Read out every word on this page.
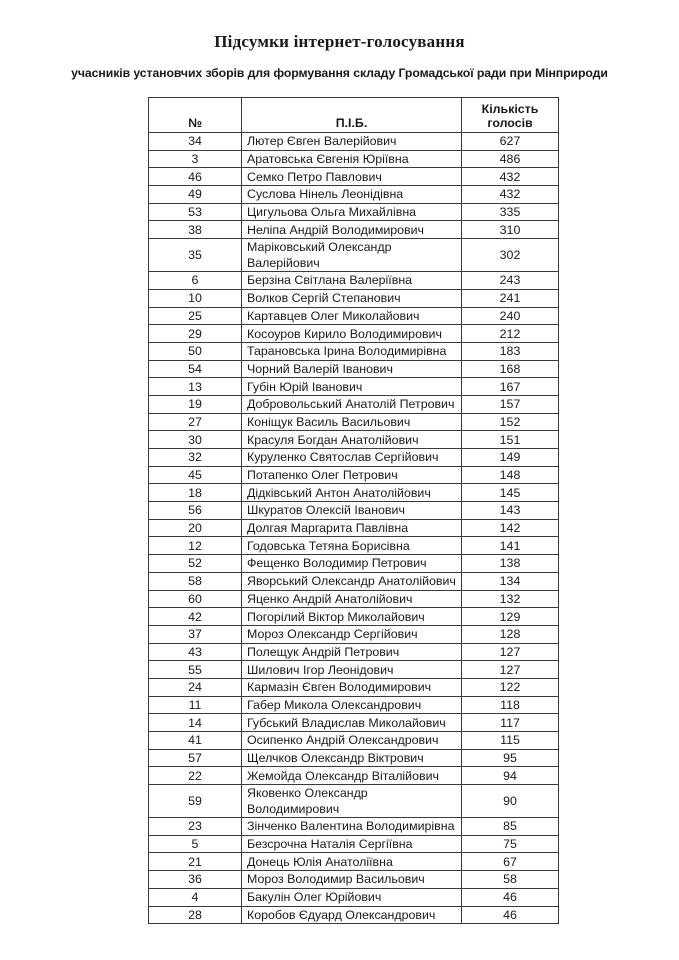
Підсумки інтернет-голосування
учасників установчих зборів для формування складу Громадської ради при Мінприроди
№	П.І.Б.	Кількість голосів
34	Лютер Євген Валерійович	627
3	Аратовська Євгенія Юріївна	486
46	Семко Петро Павлович	432
49	Суслова Нінель Леонідівна	432
53	Цигульова Ольга Михайлівна	335
38	Неліпа Андрій Володимирович	310
35	Маріковський Олександр Валерійович	302
6	Берзіна Світлана Валеріївна	243
10	Волков Сергій Степанович	241
25	Картавцев Олег Миколайович	240
29	Косоуров Кирило Володимирович	212
50	Тарановська Ірина Володимирівна	183
54	Чорний Валерій Іванович	168
13	Губін Юрій Іванович	167
19	Добровольський Анатолій Петрович	157
27	Коніщук Василь Васильович	152
30	Красуля Богдан Анатолійович	151
32	Куруленко Святослав Сергійович	149
45	Потапенко Олег Петрович	148
18	Дідківський Антон Анатолійович	145
56	Шкуратов Олексій Іванович	143
20	Долгая Маргарита Павлівна	142
12	Годовська Тетяна Борисівна	141
52	Фещенко Володимир Петрович	138
58	Яворський Олександр Анатолійович	134
60	Яценко Андрій Анатолійович	132
42	Погорілий Віктор Миколайович	129
37	Мороз Олександр Сергійович	128
43	Полещук Андрій Петрович	127
55	Шилович Ігор Леонідович	127
24	Кармазін Євген Володимирович	122
11	Габер Микола Олександрович	118
14	Губський Владислав Миколайович	117
41	Осипенко Андрій Олександрович	115
57	Щелчков Олександр Віктрович	95
22	Жемойда Олександр Віталійович	94
59	Яковенко Олександр Володимирович	90
23	Зінченко Валентина Володимирівна	85
5	Безсрочна Наталія Сергіївна	75
21	Донець Юлія Анатоліївна	67
36	Мороз Володимир Васильович	58
4	Бакулін Олег Юрійович	46
28	Коробов Єдуард Олександрович	46
